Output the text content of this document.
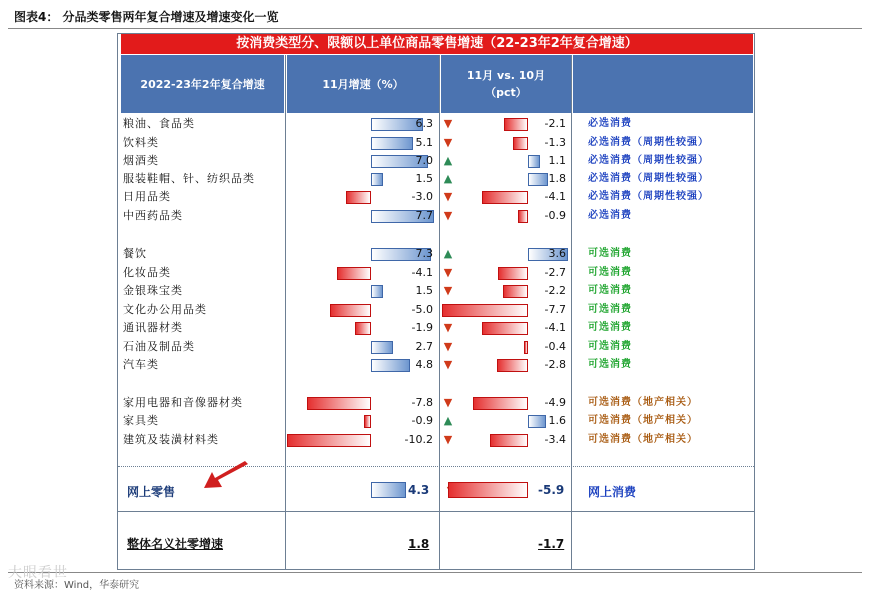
图表4： 分品类零售两年复合增速及增速变化一览
按消费类型分、限额以上单位商品零售增速（22-23年2年复合增速）
2022-23年2年复合增速	11月增速（%）
11月 vs. 10月
（pct）
粮油、食品类	6.3 ▼	-2.1 必选消费
饮料类	5.1 ▼	-1.3 必选消费（周期性较强）
烟酒类	7.0 ▲	1.1 必选消费（周期性较强）
服装鞋帽、针、纺织品类	1.5 ▲	1.8 必选消费（周期性较强）
日用品类	-3.0 ▼	-4.1 必选消费（周期性较强）
中西药品类	7.7 ▼	-0.9 必选消费
餐饮	7.3 ▲	3.6 可选消费
化妆品类	-4.1 ▼	-2.7 可选消费
金银珠宝类	1.5 ▼	-2.2 可选消费
文化办公用品类	-5.0	-7.7 可选消费
通讯器材类	-1.9 ▼	-4.1 可选消费
石油及制品类	2.7 ▼	-0.4 可选消费
汽车类	4.8 ▼	-2.8 可选消费
家用电器和音像器材类	-7.8 ▼	-4.9 可选消费（地产相关）
家具类	-0.9 ▲	1.6 可选消费（地产相关）
建筑及装潢材料类	-10.2 ▼	-3.4 可选消费（地产相关）
网上零售	4.3	-5.9 网上消费
整体名义社零增速	1.8	-1.7
大眼看世
资料来源：Wind，华泰研究
